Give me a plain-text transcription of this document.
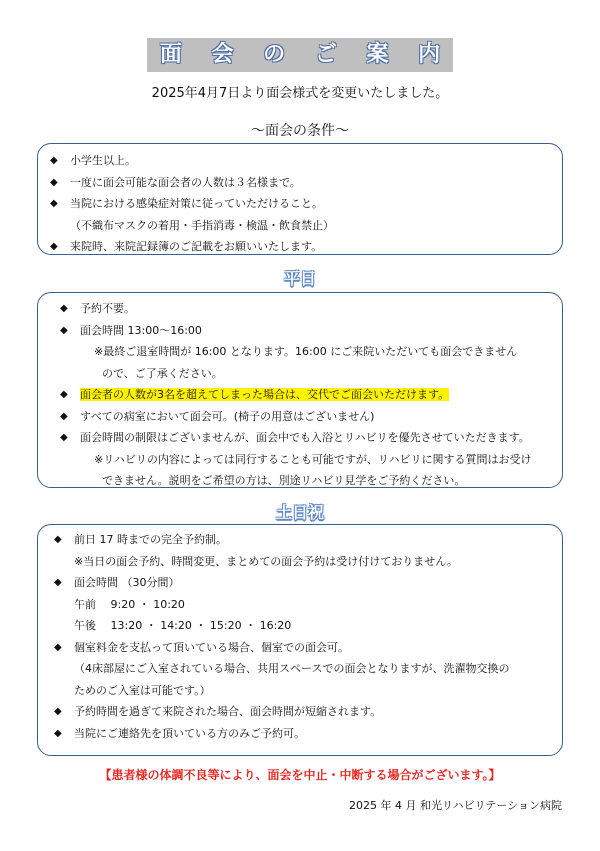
面 会 の ご 案 内
2025年4月7日より面会様式を変更いたしました。
～面会の条件～
◆ 小学生以上。
◆ 一度に面会可能な面会者の人数は３名様まで。
◆ 当院における感染症対策に従っていただけること。
（不織布マスクの着用・手指消毒・検温・飲食禁止）
◆ 来院時、来院記録簿のご記載をお願いいたします。
平日
◆ 予約不要。
◆ 面会時間 13:00～16:00
※最終ご退室時間が 16:00 となります。16:00 にご来院いただいても面会できません
ので、ご了承ください。
◆ 面会者の人数が3名を超えてしまった場合は、交代でご面会いただけます。
◆ すべての病室において面会可。(椅子の用意はございません)
◆ 面会時間の制限はございませんが、面会中でも入浴とリハビリを優先させていただきます。
※リハビリの内容によっては同行することも可能ですが、リハビリに関する質問はお受け
できません。説明をご希望の方は、別途リハビリ見学をご予約ください。
土日祝
◆ 前日 17 時までの完全予約制。
※当日の面会予約、時間変更、まとめての面会予約は受け付けておりません。
◆ 面会時間 （30分間）
午前　 9:20 ・ 10:20
午後　 13:20 ・ 14:20 ・ 15:20 ・ 16:20
◆ 個室料金を支払って頂いている場合、個室での面会可。
（4床部屋にご入室されている場合、共用スペースでの面会となりますが、洗濯物交換の
ためのご入室は可能です。）
◆ 予約時間を過ぎて来院された場合、面会時間が短縮されます。
◆ 当院にご連絡先を頂いている方のみご予約可。
【患者様の体調不良等により、面会を中止・中断する場合がございます。】
2025 年 4 月 和光リハビリテーション病院
